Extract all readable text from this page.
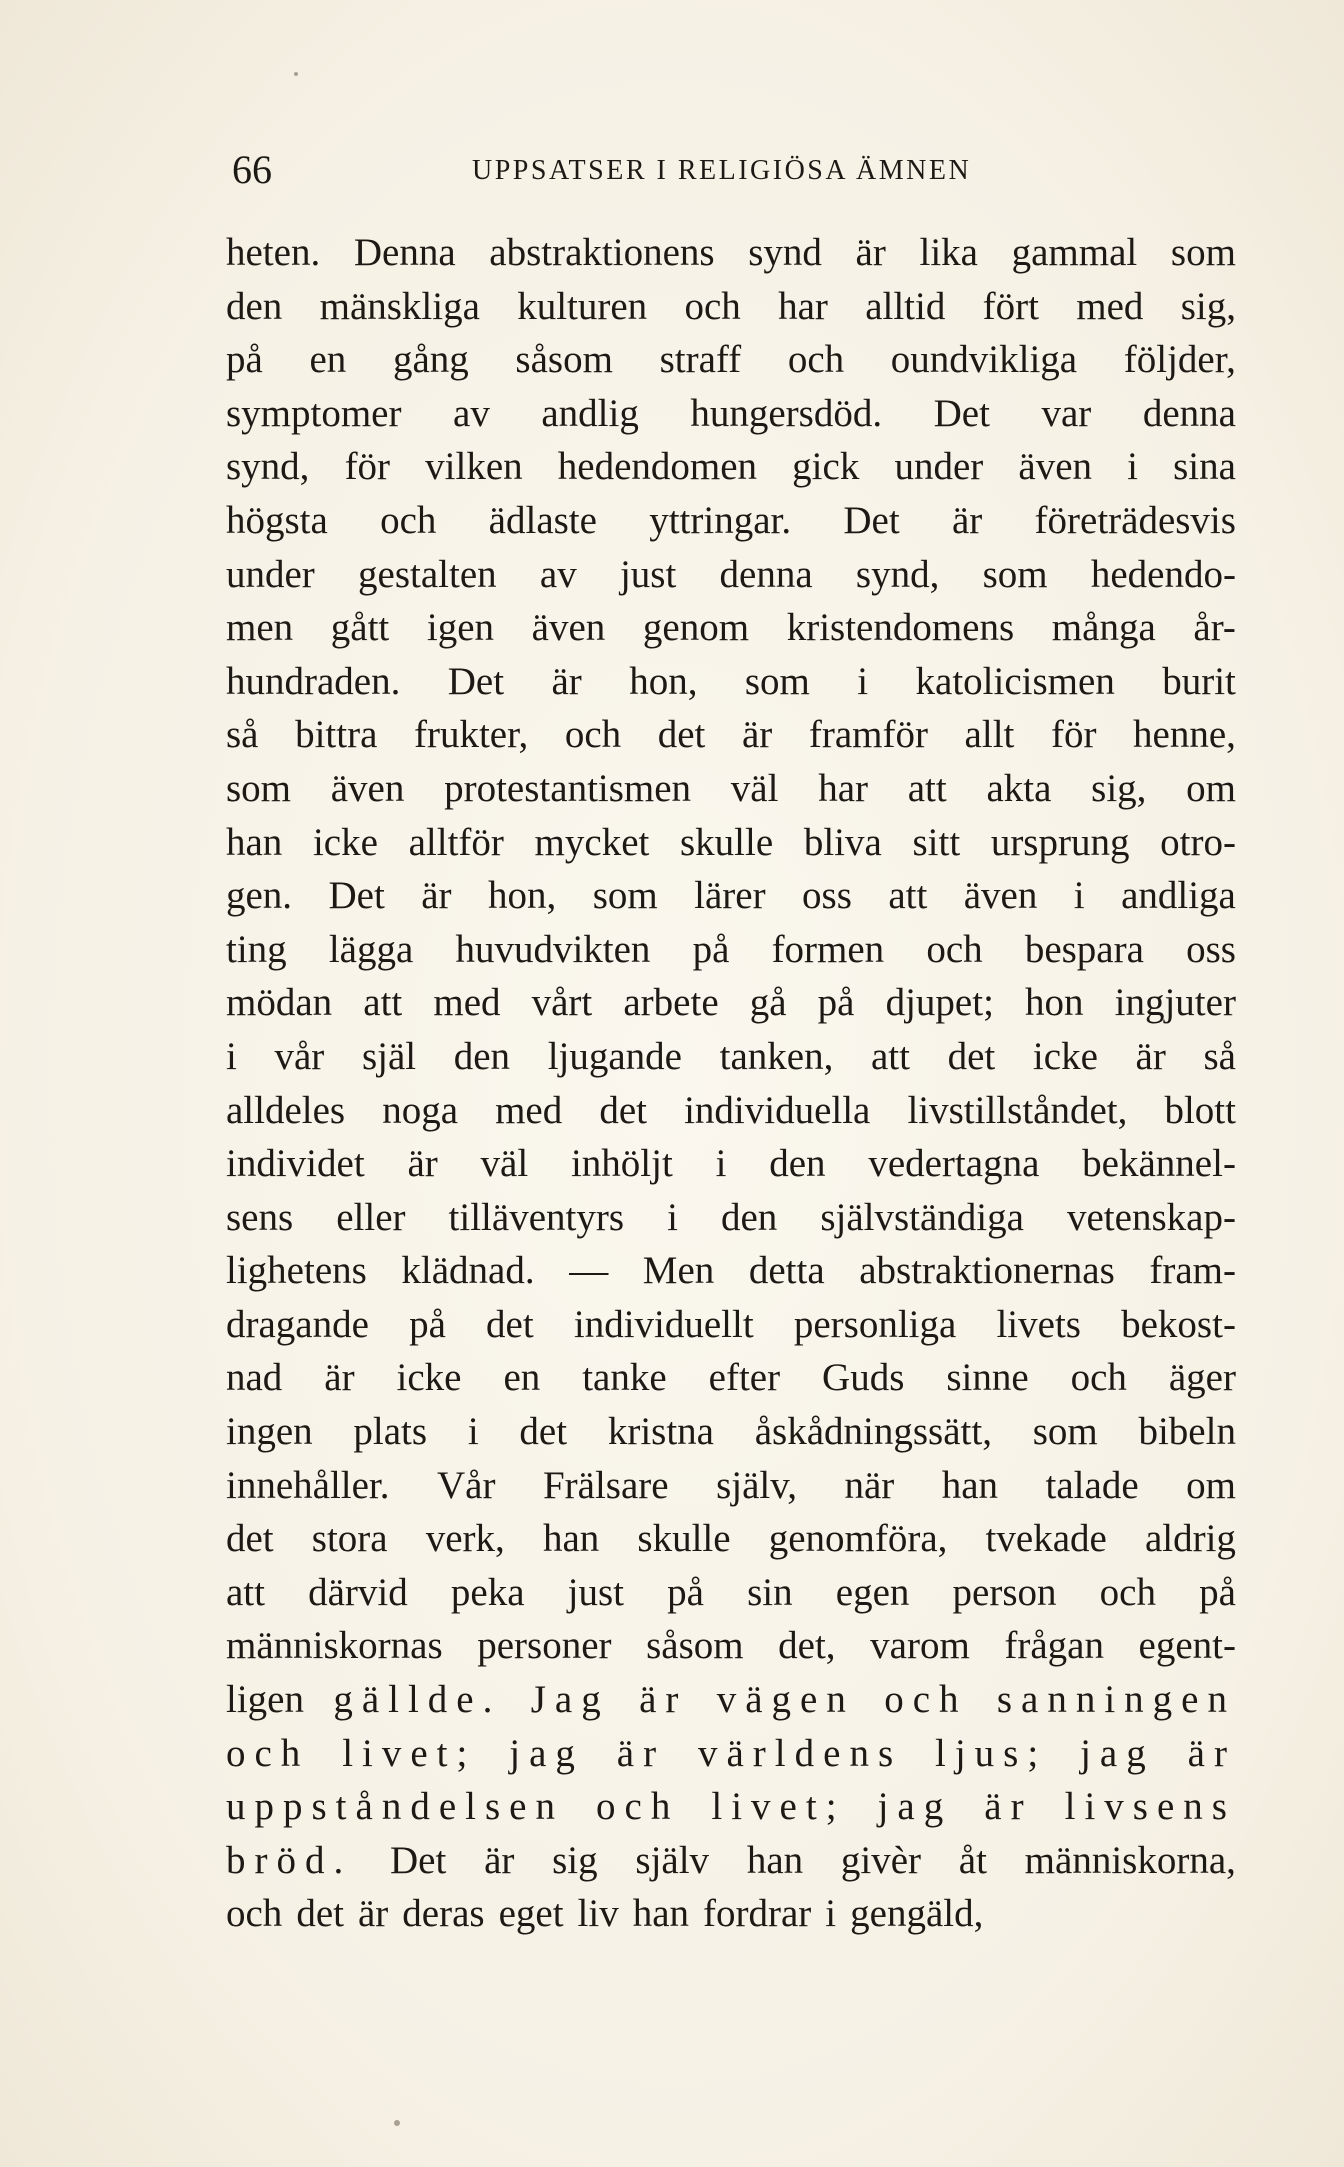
66	UPPSATSER I RELIGIÖSA ÄMNEN
heten. Denna abstraktionens synd är lika gammal som
den mänskliga kulturen och har alltid fört med sig,
på en gång såsom straff och oundvikliga följder,
symptomer av andlig hungersdöd. Det var denna
synd, för vilken hedendomen gick under även i sina
högsta och ädlaste yttringar. Det är företrädesvis
under gestalten av just denna synd, som hedendo-
men gått igen även genom kristendomens många år-
hundraden. Det är hon, som i katolicismen burit
så bittra frukter, och det är framför allt för henne,
som även protestantismen väl har att akta sig, om
han icke alltför mycket skulle bliva sitt ursprung otro-
gen. Det är hon, som lärer oss att även i andliga
ting lägga huvudvikten på formen och bespara oss
mödan att med vårt arbete gå på djupet; hon ingjuter
i vår själ den ljugande tanken, att det icke är så
alldeles noga med det individuella livstillståndet, blott
individet är väl inhöljt i den vedertagna bekännel-
sens eller tilläventyrs i den självständiga vetenskap-
lighetens klädnad. — Men detta abstraktionernas fram-
dragande på det individuellt personliga livets bekost-
nad är icke en tanke efter Guds sinne och äger
ingen plats i det kristna åskådningssätt, som bibeln
innehåller. Vår Frälsare själv, när han talade om
det stora verk, han skulle genomföra, tvekade aldrig
att därvid peka just på sin egen person och på
människornas personer såsom det, varom frågan egent-
ligen gällde. Jag är vägen och sanningen
och livet; jag är världens ljus; jag är
uppståndelsen och livet; jag är livsens
bröd. Det är sig själv han givèr åt människorna,
och det är deras eget liv han fordrar i gengäld,
